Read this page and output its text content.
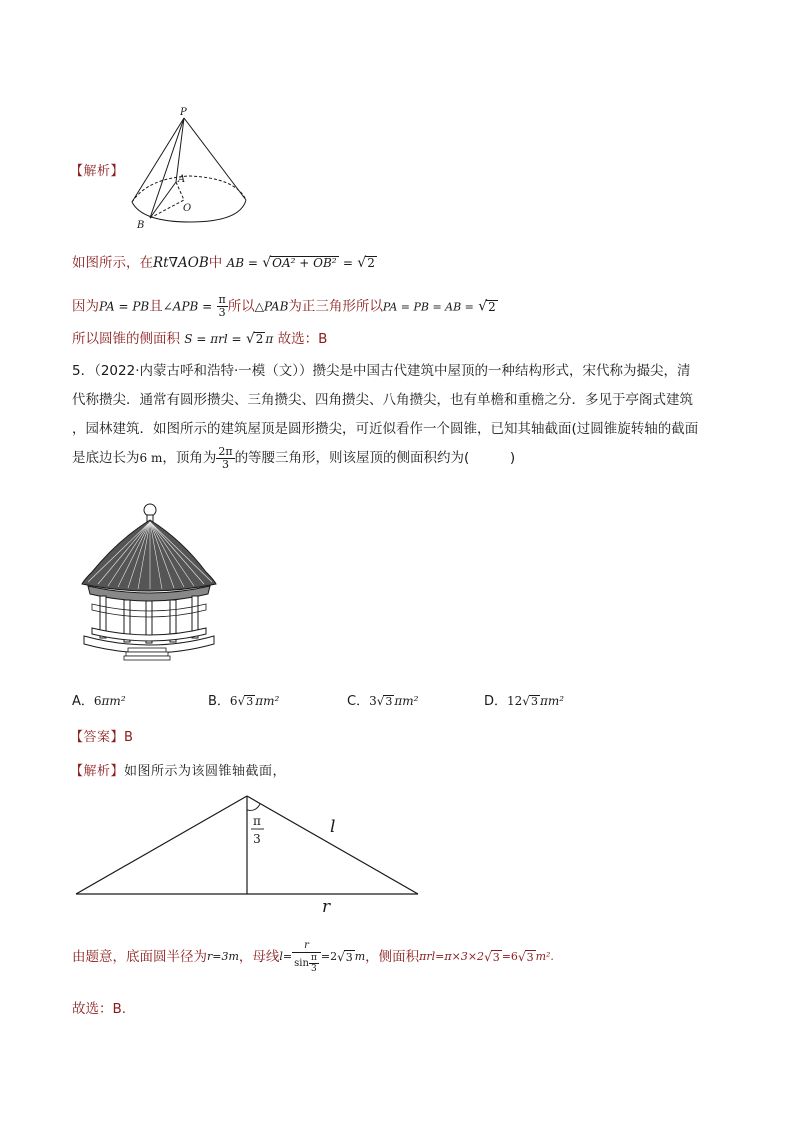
P
A
O
B
【解析】
如图所示，在Rt∇AOB中 AB = √OA² + OB² = √2
因为PA = PB且∠APB = $\frac{\pi}{3}$ 所以△PAB为正三角形所以PA = PB = AB = √2
所以圆锥的侧面积 S = πrl = √2 π 故选：B
5．（2022·内蒙古呼和浩特·一模（文））攒尖是中国古代建筑中屋顶的一种结构形式，宋代称为撮尖，清
代称攒尖．通常有圆形攒尖、三角攒尖、四角攒尖、八角攒尖，也有单檐和重檐之分．多见于亭阁式建筑
，园林建筑．如图所示的建筑屋顶是圆形攒尖，可近似看作一个圆锥，已知其轴截面(过圆锥旋转轴的截面
是底边长为6 m，顶角为 $\frac{2\pi}{3}$ 的等腰三角形，则该屋顶的侧面积约为(　　　)
A．6πm²	B．6√3 πm²	C．3√3 πm²	D．12√3 πm²
【答案】B
【解析】如图所示为该圆锥轴截面，
π
3
l
r
由题意，底面圆半径为r=3m，母线$l= \frac{r}{\sin \frac{\pi}{3}} =2√3$ m，侧面积πrl=π×3×2√3 =6√3 m².
故选：B.
